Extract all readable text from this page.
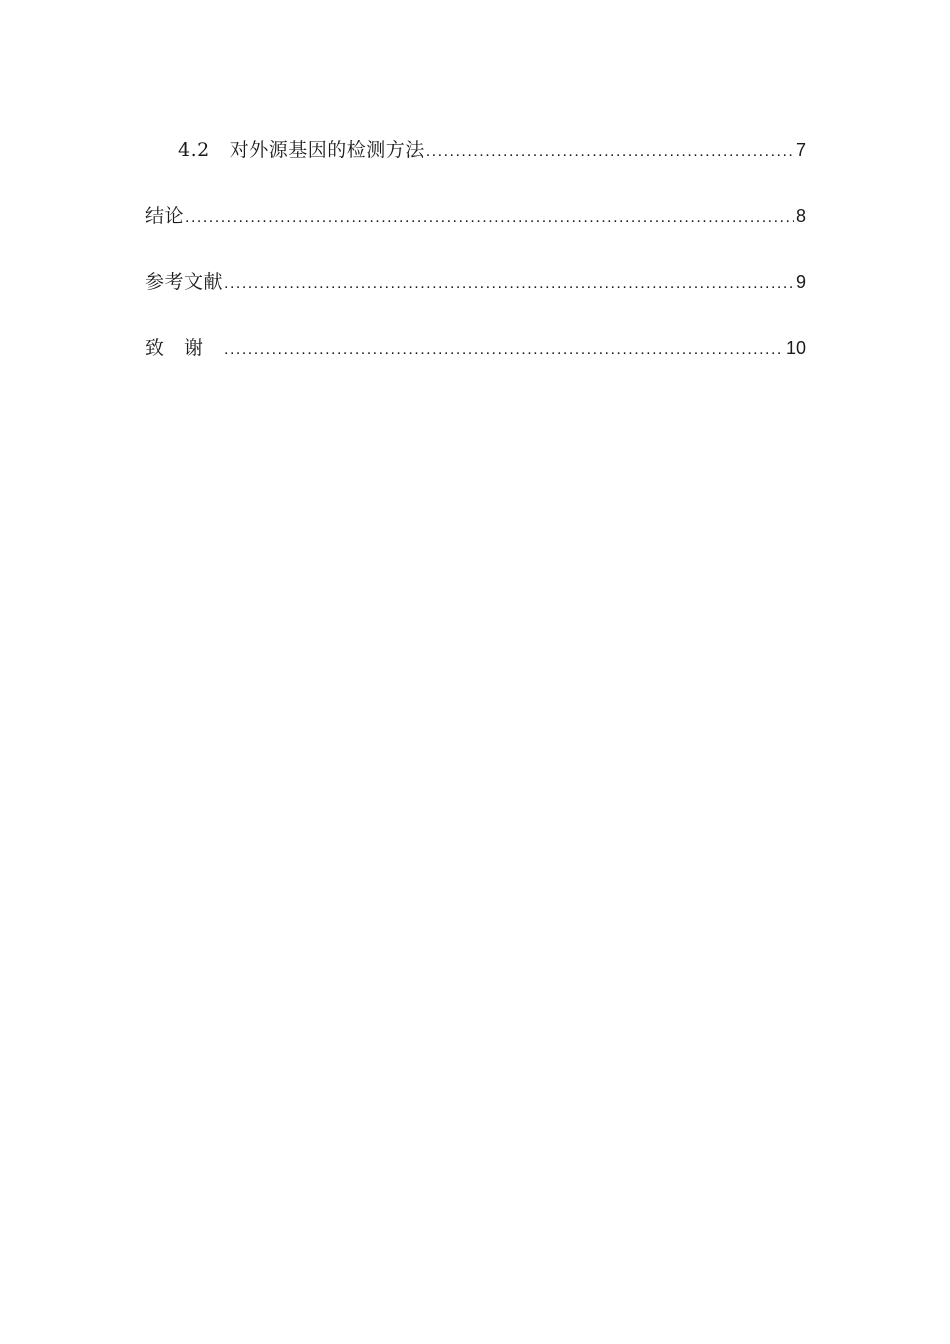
4.2 对外源基因的检测方法 .....	7
结论 .....	8
参考文献 .....	9
致谢 .....	10
